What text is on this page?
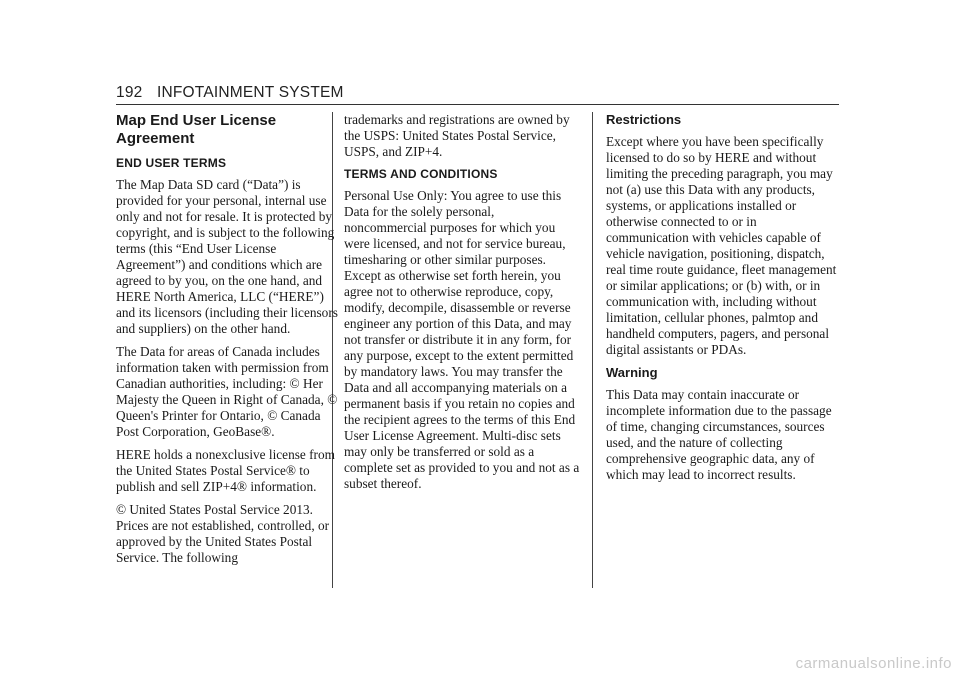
192 INFOTAINMENT SYSTEM
Map End User License Agreement
END USER TERMS

The Map Data SD card (“Data”) is provided for your personal, internal use only and not for resale. It is protected by copyright, and is subject to the following terms (this “End User License Agreement”) and conditions which are agreed to by you, on the one hand, and HERE North America, LLC (“HERE”) and its licensors (including their licensors and suppliers) on the other hand.

The Data for areas of Canada includes information taken with permission from Canadian authorities, including: © Her Majesty the Queen in Right of Canada, © Queen's Printer for Ontario, © Canada Post Corporation, GeoBase®.

HERE holds a nonexclusive license from the United States Postal Service® to publish and sell ZIP+4® information.

© United States Postal Service 2013. Prices are not established, controlled, or approved by the United States Postal Service. The following

trademarks and registrations are owned by the USPS: United States Postal Service, USPS, and ZIP+4.

TERMS AND CONDITIONS

Personal Use Only: You agree to use this Data for the solely personal, noncommercial purposes for which you were licensed, and not for service bureau, timesharing or other similar purposes. Except as otherwise set forth herein, you agree not to otherwise reproduce, copy, modify, decompile, disassemble or reverse engineer any portion of this Data, and may not transfer or distribute it in any form, for any purpose, except to the extent permitted by mandatory laws. You may transfer the Data and all accompanying materials on a permanent basis if you retain no copies and the recipient agrees to the terms of this End User License Agreement. Multi-disc sets may only be transferred or sold as a complete set as provided to you and not as a subset thereof.

Restrictions

Except where you have been specifically licensed to do so by HERE and without limiting the preceding paragraph, you may not (a) use this Data with any products, systems, or applications installed or otherwise connected to or in communication with vehicles capable of vehicle navigation, positioning, dispatch, real time route guidance, fleet management or similar applications; or (b) with, or in communication with, including without limitation, cellular phones, palmtop and handheld computers, pagers, and personal digital assistants or PDAs.

Warning

This Data may contain inaccurate or incomplete information due to the passage of time, changing circumstances, sources used, and the nature of collecting comprehensive geographic data, any of which may lead to incorrect results.

carmanualsonline.info
